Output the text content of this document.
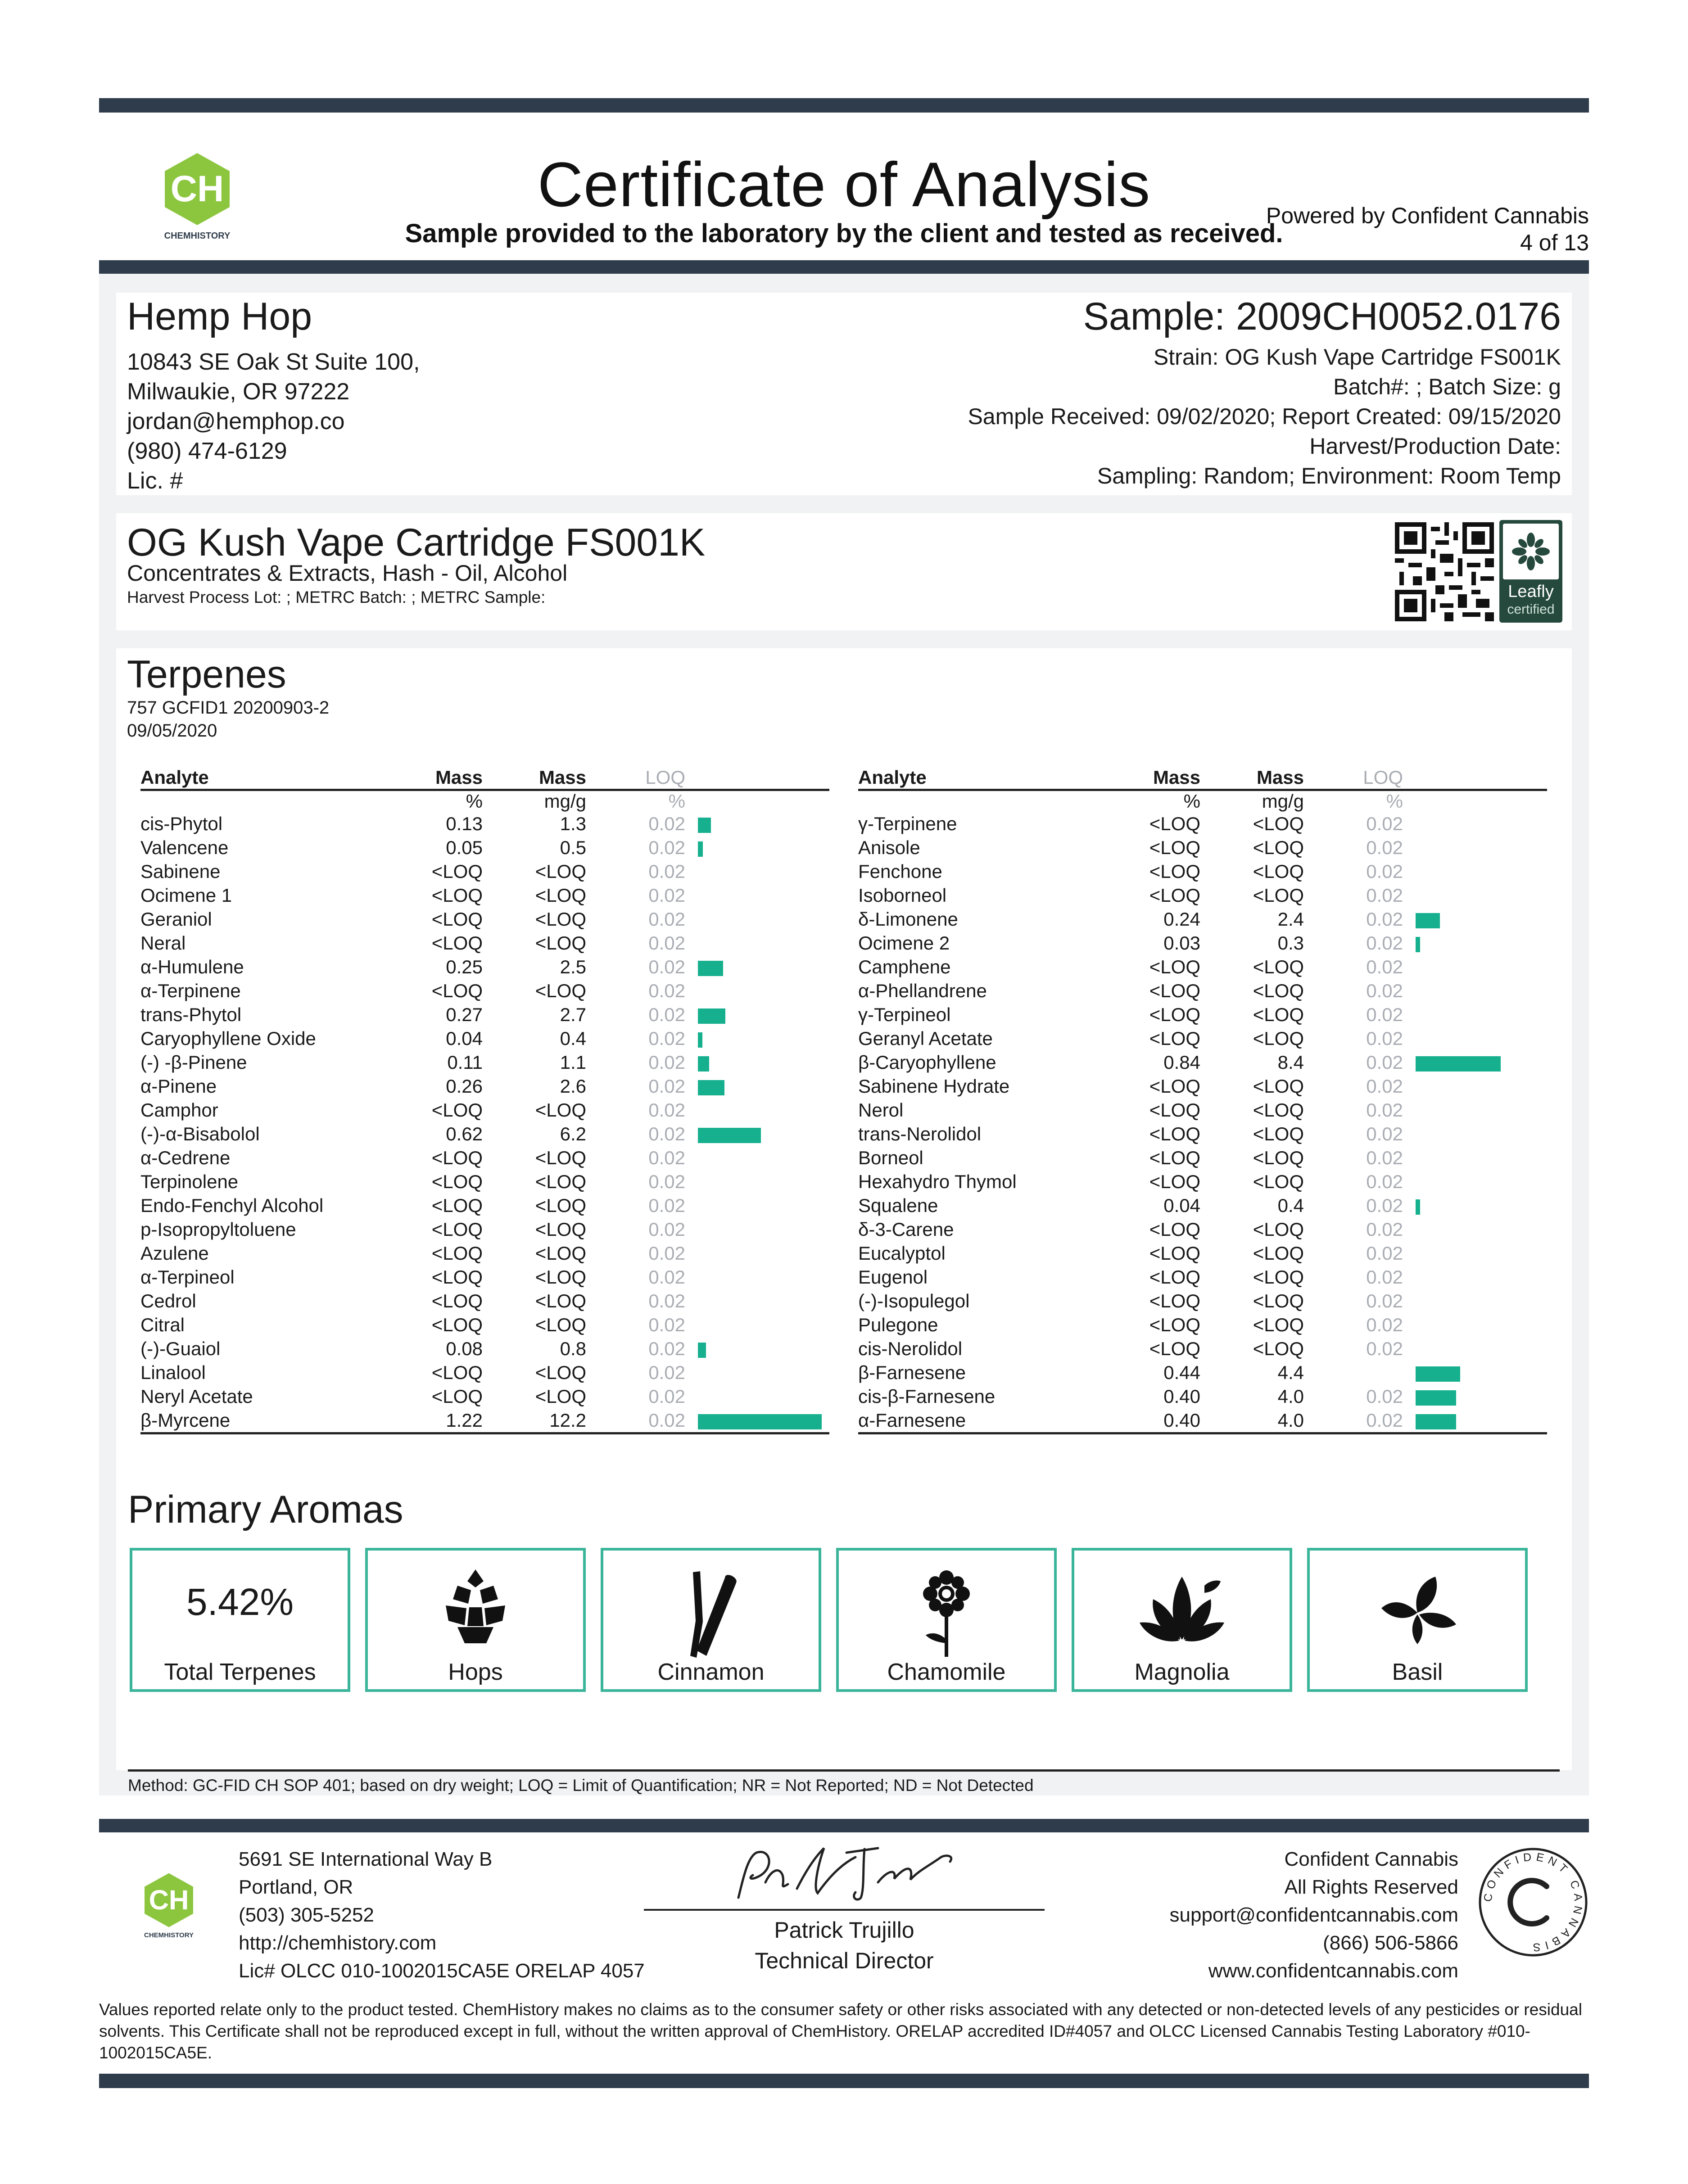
CH
CHEMHISTORY
Certificate of Analysis
Sample provided to the laboratory by the client and tested as received.
Powered by Confident Cannabis
4 of 13
Hemp Hop
10843 SE Oak St Suite 100,
Milwaukie, OR 97222
jordan@hemphop.co
(980) 474-6129
Lic. #
Sample: 2009CH0052.0176
Strain: OG Kush Vape Cartridge FS001K
Batch#: ; Batch Size: g
Sample Received: 09/02/2020; Report Created: 09/15/2020
Harvest/Production Date:
Sampling: Random; Environment: Room Temp
OG Kush Vape Cartridge FS001K
Concentrates & Extracts, Hash - Oil, Alcohol
Harvest Process Lot: ; METRC Batch: ; METRC Sample:	Leafly
certified
Terpenes
757 GCFID1 20200903-2
09/05/2020
Analyte	Mass	Mass	LOQ	
	%	mg/g	%	
cis-Phytol	0.13	1.3	0.02	
Valencene	0.05	0.5	0.02	
Sabinene	<LOQ	<LOQ	0.02	
Ocimene 1	<LOQ	<LOQ	0.02	
Geraniol	<LOQ	<LOQ	0.02	
Neral	<LOQ	<LOQ	0.02	
α-Humulene	0.25	2.5	0.02	
α-Terpinene	<LOQ	<LOQ	0.02	
trans-Phytol	0.27	2.7	0.02	
Caryophyllene Oxide	0.04	0.4	0.02	
(-) -β-Pinene	0.11	1.1	0.02	
α-Pinene	0.26	2.6	0.02	
Camphor	<LOQ	<LOQ	0.02	
(-)-α-Bisabolol	0.62	6.2	0.02	
α-Cedrene	<LOQ	<LOQ	0.02	
Terpinolene	<LOQ	<LOQ	0.02	
Endo-Fenchyl Alcohol	<LOQ	<LOQ	0.02	
p-Isopropyltoluene	<LOQ	<LOQ	0.02	
Azulene	<LOQ	<LOQ	0.02	
α-Terpineol	<LOQ	<LOQ	0.02	
Cedrol	<LOQ	<LOQ	0.02	
Citral	<LOQ	<LOQ	0.02	
(-)-Guaiol	0.08	0.8	0.02	
Linalool	<LOQ	<LOQ	0.02	
Neryl Acetate	<LOQ	<LOQ	0.02	
β-Myrcene	1.22	12.2	0.02	
Analyte	Mass	Mass	LOQ	
	%	mg/g	%	
γ-Terpinene	<LOQ	<LOQ	0.02	
Anisole	<LOQ	<LOQ	0.02	
Fenchone	<LOQ	<LOQ	0.02	
Isoborneol	<LOQ	<LOQ	0.02	
δ-Limonene	0.24	2.4	0.02	
Ocimene 2	0.03	0.3	0.02	
Camphene	<LOQ	<LOQ	0.02	
α-Phellandrene	<LOQ	<LOQ	0.02	
γ-Terpineol	<LOQ	<LOQ	0.02	
Geranyl Acetate	<LOQ	<LOQ	0.02	
β-Caryophyllene	0.84	8.4	0.02	
Sabinene Hydrate	<LOQ	<LOQ	0.02	
Nerol	<LOQ	<LOQ	0.02	
trans-Nerolidol	<LOQ	<LOQ	0.02	
Borneol	<LOQ	<LOQ	0.02	
Hexahydro Thymol	<LOQ	<LOQ	0.02	
Squalene	0.04	0.4	0.02	
δ-3-Carene	<LOQ	<LOQ	0.02	
Eucalyptol	<LOQ	<LOQ	0.02	
Eugenol	<LOQ	<LOQ	0.02	
(-)-Isopulegol	<LOQ	<LOQ	0.02	
Pulegone	<LOQ	<LOQ	0.02	
cis-Nerolidol	<LOQ	<LOQ	0.02	
β-Farnesene	0.44	4.4		
cis-β-Farnesene	0.40	4.0	0.02	
α-Farnesene	0.40	4.0	0.02	
Primary Aromas
5.42%
Total Terpenes	Hops	Cinnamon	Chamomile	Magnolia	Basil
Method: GC-FID CH SOP 401; based on dry weight; LOQ = Limit of Quantification; NR = Not Reported; ND = Not Detected
CH
CHEMHISTORY
5691 SE International Way B
Portland, OR
(503) 305-5252
http://chemhistory.com
Lic# OLCC 010-1002015CA5E ORELAP 4057
Patrick Trujillo
Technical Director
Confident Cannabis
All Rights Reserved
support@confidentcannabis.com
(866) 506-5866
www.confidentcannabis.com
CONFIDENT CANNABIS
Values reported relate only to the product tested. ChemHistory makes no claims as to the consumer safety or other risks associated with any detected or non-detected levels of any pesticides or residual solvents. This Certificate shall not be reproduced except in full, without the written approval of ChemHistory. ORELAP accredited ID#4057 and OLCC Licensed Cannabis Testing Laboratory #010-1002015CA5E.
